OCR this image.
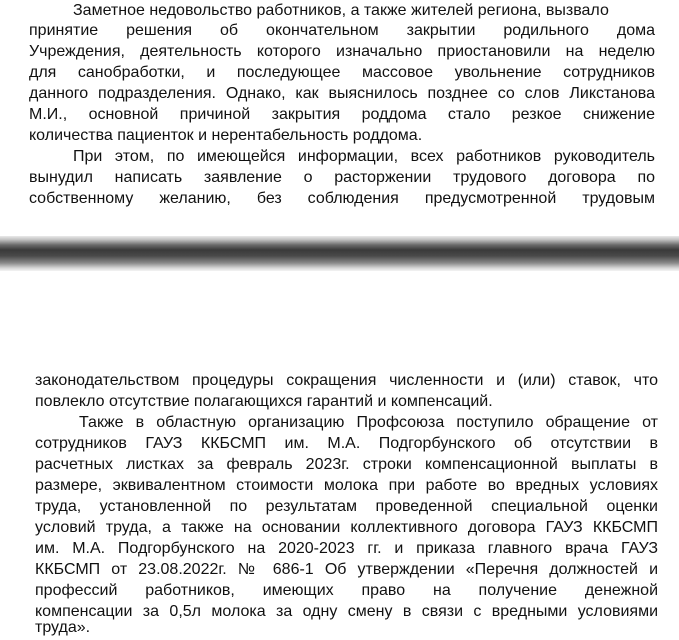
Заметное недовольство работников, а также жителей региона, вызвало
принятие решения об окончательном закрытии родильного дома
Учреждения, деятельность которого изначально приостановили на неделю
для санобработки, и последующее массовое увольнение сотрудников
данного подразделения. Однако, как выяснилось позднее со слов Ликстанова
М.И., основной причиной закрытия роддома стало резкое снижение
количества пациенток и нерентабельность роддома.
При этом, по имеющейся информации, всех работников руководитель
вынудил написать заявление о расторжении трудового договора по
собственному желанию, без соблюдения предусмотренной трудовым
законодательством процедуры сокращения численности и (или) ставок, что
повлекло отсутствие полагающихся гарантий и компенсаций.
Также в областную организацию Профсоюза поступило обращение от
сотрудников ГАУЗ ККБСМП им. М.А. Подгорбунского об отсутствии в
расчетных листках за февраль 2023г. строки компенсационной выплаты в
размере, эквивалентном стоимости молока при работе во вредных условиях
труда, установленной по результатам проведенной специальной оценки
условий труда, а также на основании коллективного договора ГАУЗ ККБСМП
им. М.А. Подгорбунского на 2020-2023 гг. и приказа главного врача ГАУЗ
ККБСМП от 23.08.2022г. № 686-1 Об утверждении «Перечня должностей и
профессий работников, имеющих право на получение денежной
компенсации за 0,5л молока за одну смену в связи с вредными условиями
труда».
